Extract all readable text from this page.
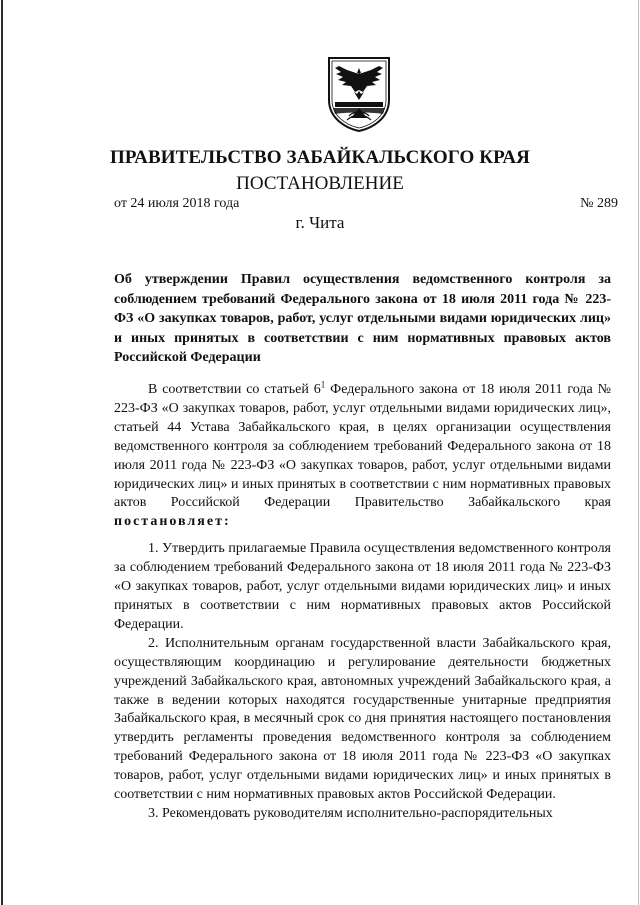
ПРАВИТЕЛЬСТВО ЗАБАЙКАЛЬСКОГО КРАЯ
ПОСТАНОВЛЕНИЕ
от 24 июля 2018 года	№ 289
г. Чита
Об утверждении Правил осуществления ведомственного контроля за соблюдением требований Федерального закона от 18 июля 2011 года № 223-ФЗ «О закупках товаров, работ, услуг отдельными видами юридических лиц» и иных принятых в соответствии с ним нормативных правовых актов Российской Федерации

В соответствии со статьей $6^1$ Федерального закона от 18 июля 2011 года № 223-ФЗ «О закупках товаров, работ, услуг отдельными видами юридических лиц», статьей 44 Устава Забайкальского края, в целях организации осуществления ведомственного контроля за соблюдением требований Федерального закона от 18 июля 2011 года № 223-ФЗ «О закупках товаров, работ, услуг отдельными видами юридических лиц» и иных принятых в соответствии с ним нормативных правовых актов Российской Федерации Правительство Забайкальского края постановляет:

1. Утвердить прилагаемые Правила осуществления ведомственного контроля за соблюдением требований Федерального закона от 18 июля 2011 года № 223-ФЗ «О закупках товаров, работ, услуг отдельными видами юридических лиц» и иных принятых в соответствии с ним нормативных правовых актов Российской Федерации.

2. Исполнительным органам государственной власти Забайкальского края, осуществляющим координацию и регулирование деятельности бюджетных учреждений Забайкальского края, автономных учреждений Забайкальского края, а также в ведении которых находятся государственные унитарные предприятия Забайкальского края, в месячный срок со дня принятия настоящего постановления утвердить регламенты проведения ведомственного контроля за соблюдением требований Федерального закона от 18 июля 2011 года № 223-ФЗ «О закупках товаров, работ, услуг отдельными видами юридических лиц» и иных принятых в соответствии с ним нормативных правовых актов Российской Федерации.

3. Рекомендовать руководителям исполнительно-распорядительных
